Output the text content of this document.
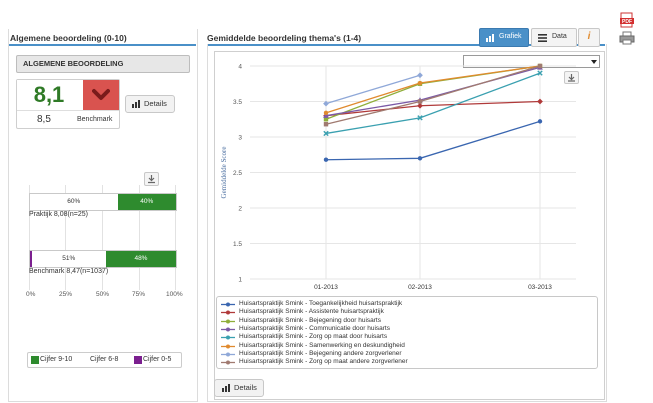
PDF
Algemene beoordeling (0-10)
ALGEMENE BEOORDELING
8,1
8,5	Benchmark
Details
60%	40%
Praktijk 8,08(n=25)
51%	48%
Benchmark 8,47(n=1037)
0%	25%	50%	75%	100%
Cijfer 9-10	Cijfer 6-8	Cijfer 0-5
Gemiddelde beoordeling thema's (1-4)	Grafiek	Data	i
1
1.5
2
2.5
3
3.5
4
01-2013	02-2013	03-2013
Gemiddelde Score
Huisartspraktijk Smink - Toegankelijkheid huisartspraktijk
Huisartspraktijk Smink - Assistente huisartspraktijk
Huisartspraktijk Smink - Bejegening door huisarts
Huisartspraktijk Smink - Communicatie door huisarts
Huisartspraktijk Smink - Zorg op maat door huisarts
Huisartspraktijk Smink - Samenwerking en deskundigheid
Huisartspraktijk Smink - Bejegening andere zorgverlener
Huisartspraktijk Smink - Zorg op maat andere zorgverlener
Details
